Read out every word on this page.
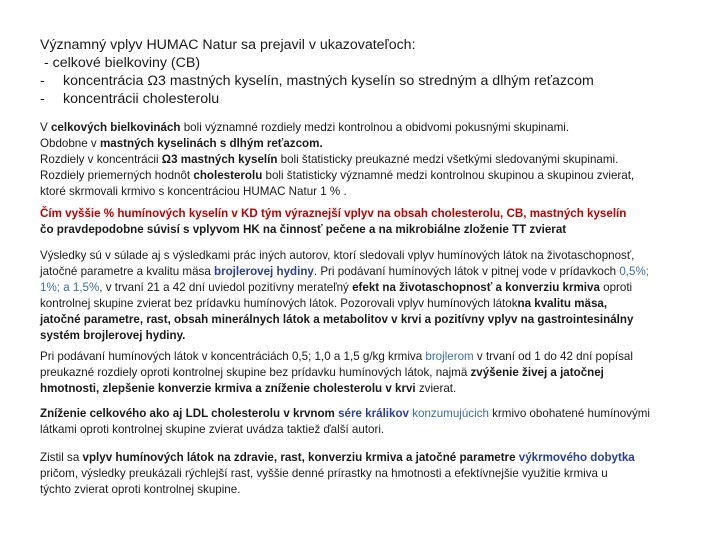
Významný vplyv HUMAC Natur sa prejavil v ukazovateľoch:
- celkové bielkoviny (CB)
-	koncentrácia Ω3 mastných kyselín, mastných kyselín so stredným a dlhým reťazcom
-	koncentrácii cholesterolu
V celkových bielkovinách boli významné rozdiely medzi kontrolnou a obidvomi pokusnými skupinami.
Obdobne v mastných kyselinách s dlhým reťazcom.
Rozdiely v koncentrácii Ω3 mastných kyselín boli štatisticky preukazné medzi všetkými sledovanými skupinami.
Rozdiely priemerných hodnôt cholesterolu boli štatisticky významné medzi kontrolnou skupinou a skupinou zvierat,
ktoré skrmovali krmivo s koncentráciou HUMAC Natur 1 % .
Čím vyššie % humínových kyselín v KD tým výraznejší vplyv na obsah cholesterolu, CB, mastných kyselín
čo pravdepodobne súvisí s vplyvom HK na činnosť pečene a na mikrobiálne zloženie TT zvierat
Výsledky sú v súlade aj s výsledkami prác iných autorov, ktorí sledovali vplyv humínových látok na životaschopnosť,
jatočné parametre a kvalitu mäsa brojlerovej hydiny. Pri podávaní humínových látok v pitnej vode v prídavkoch 0,5%;
1%; a 1,5%, v trvaní 21 a 42 dní uviedol pozitívny merateľný efekt na životaschopnosť a konverziu krmiva oproti
kontrolnej skupine zvierat bez prídavku humínových látok. Pozorovali vplyv humínových látokna kvalitu mäsa,
jatočné parametre, rast, obsah minerálnych látok a metabolitov v krvi a pozitívny vplyv na gastrointesinálny
systém brojlerovej hydiny.
Pri podávaní humínových látok v koncentráciách 0,5; 1,0 a 1,5 g/kg krmiva brojlerom v trvaní od 1 do 42 dní popísal
preukazné rozdiely oproti kontrolnej skupine bez prídavku humínových látok, najmä zvýšenie živej a jatočnej
hmotnosti, zlepšenie konverzie krmiva a zníženie cholesterolu v krvi zvierat.
Zníženie celkového ako aj LDL cholesterolu v krvnom sére králikov konzumujúcich krmivo obohatené humínovými
látkami oproti kontrolnej skupine zvierat uvádza taktiež ďalší autori.
Zistil sa vplyv humínových látok na zdravie, rast, konverziu krmiva a jatočné parametre výkrmového dobytka
pričom, výsledky preukázali rýchlejší rast, vyššie denné prírastky na hmotnosti a efektívnejšie využitie krmiva u
týchto zvierat oproti kontrolnej skupine.
